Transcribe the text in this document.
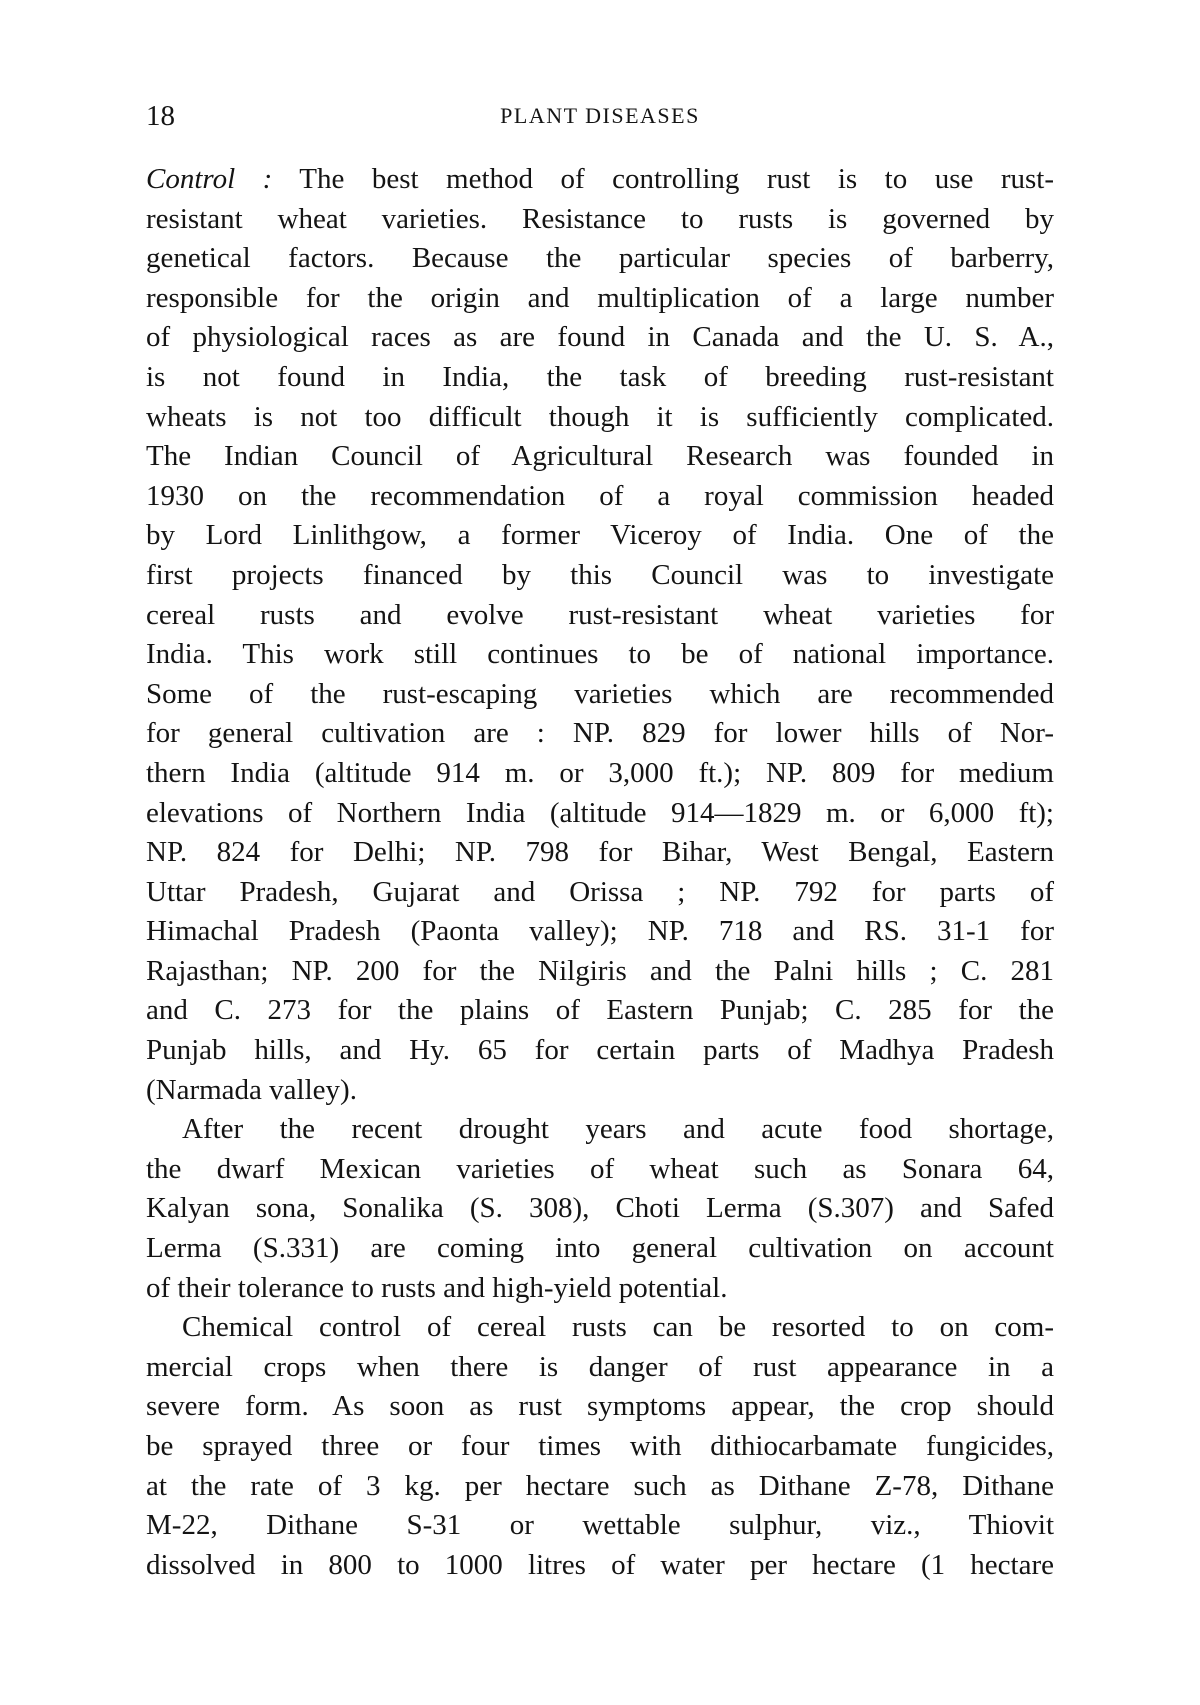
18	PLANT DISEASES
Control : The best method of controlling rust is to use rust-
resistant wheat varieties. Resistance to rusts is governed by
genetical factors. Because the particular species of barberry,
responsible for the origin and multiplication of a large number
of physiological races as are found in Canada and the U. S. A.,
is not found in India, the task of breeding rust-resistant
wheats is not too difficult though it is sufficiently complicated.
The Indian Council of Agricultural Research was founded in
1930 on the recommendation of a royal commission headed
by Lord Linlithgow, a former Viceroy of India. One of the
first projects financed by this Council was to investigate
cereal rusts and evolve rust-resistant wheat varieties for
India. This work still continues to be of national importance.
Some of the rust-escaping varieties which are recommended
for general cultivation are : NP. 829 for lower hills of Nor-
thern India (altitude 914 m. or 3,000 ft.); NP. 809 for medium
elevations of Northern India (altitude 914—1829 m. or 6,000 ft);
NP. 824 for Delhi; NP. 798 for Bihar, West Bengal, Eastern
Uttar Pradesh, Gujarat and Orissa ; NP. 792 for parts of
Himachal Pradesh (Paonta valley); NP. 718 and RS. 31-1 for
Rajasthan; NP. 200 for the Nilgiris and the Palni hills ; C. 281
and C. 273 for the plains of Eastern Punjab; C. 285 for the
Punjab hills, and Hy. 65 for certain parts of Madhya Pradesh
(Narmada valley).
After the recent drought years and acute food shortage,
the dwarf Mexican varieties of wheat such as Sonara 64,
Kalyan sona, Sonalika (S. 308), Choti Lerma (S.307) and Safed
Lerma (S.331) are coming into general cultivation on account
of their tolerance to rusts and high-yield potential.
Chemical control of cereal rusts can be resorted to on com-
mercial crops when there is danger of rust appearance in a
severe form. As soon as rust symptoms appear, the crop should
be sprayed three or four times with dithiocarbamate fungicides,
at the rate of 3 kg. per hectare such as Dithane Z-78, Dithane
M-22, Dithane S-31 or wettable sulphur, viz., Thiovit
dissolved in 800 to 1000 litres of water per hectare (1 hectare
